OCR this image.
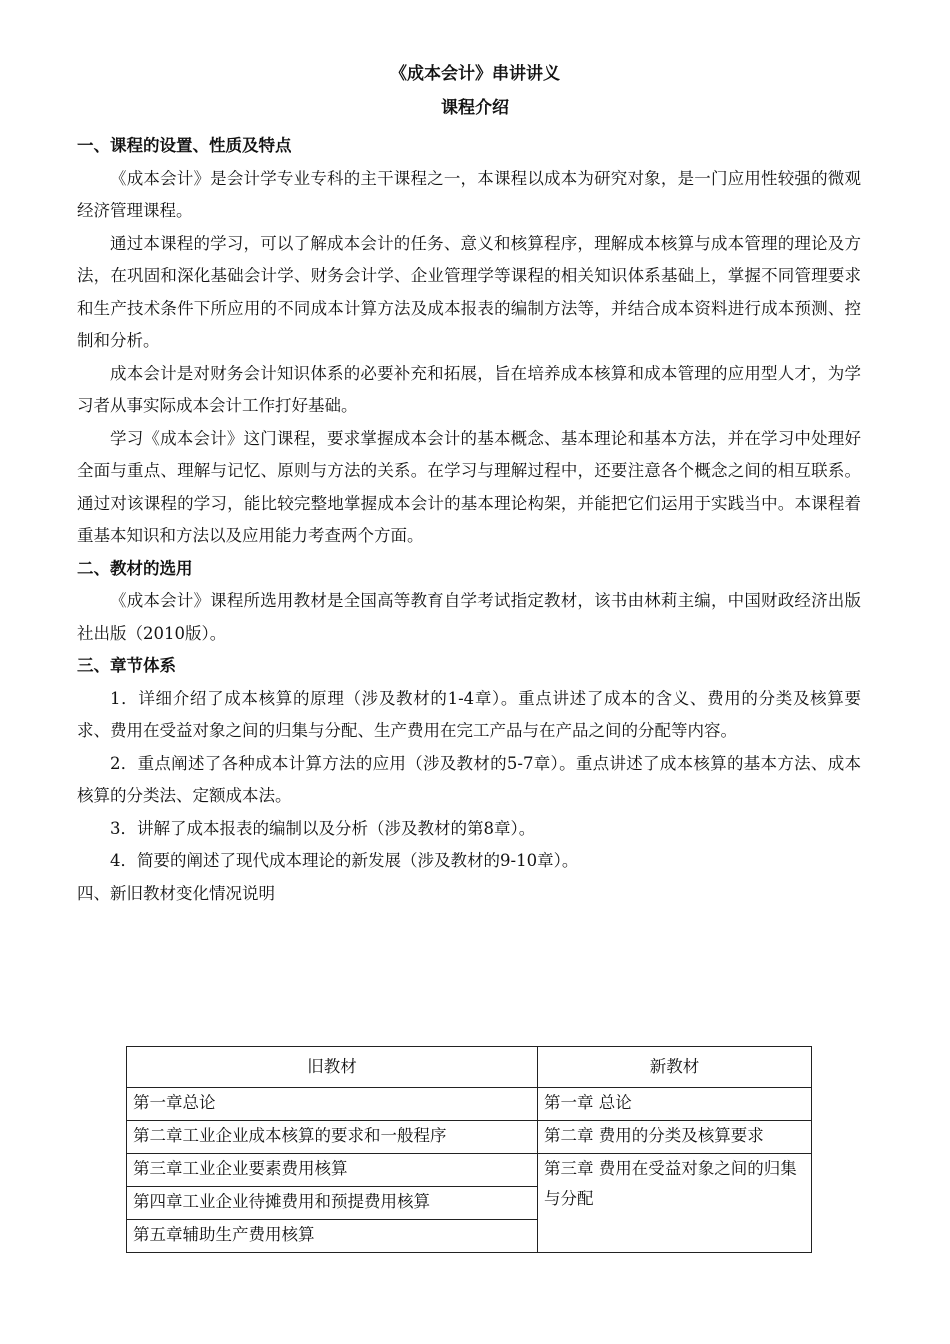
《成本会计》串讲讲义
课程介绍

一、课程的设置、性质及特点

《成本会计》是会计学专业专科的主干课程之一，本课程以成本为研究对象，是一门应用性较强的微观经济管理课程。

通过本课程的学习，可以了解成本会计的任务、意义和核算程序，理解成本核算与成本管理的理论及方法，在巩固和深化基础会计学、财务会计学、企业管理学等课程的相关知识体系基础上，掌握不同管理要求和生产技术条件下所应用的不同成本计算方法及成本报表的编制方法等，并结合成本资料进行成本预测、控制和分析。

成本会计是对财务会计知识体系的必要补充和拓展，旨在培养成本核算和成本管理的应用型人才，为学习者从事实际成本会计工作打好基础。

学习《成本会计》这门课程，要求掌握成本会计的基本概念、基本理论和基本方法，并在学习中处理好全面与重点、理解与记忆、原则与方法的关系。在学习与理解过程中，还要注意各个概念之间的相互联系。通过对该课程的学习，能比较完整地掌握成本会计的基本理论构架，并能把它们运用于实践当中。本课程着重基本知识和方法以及应用能力考查两个方面。

二、教材的选用

《成本会计》课程所选用教材是全国高等教育自学考试指定教材，该书由林莉主编，中国财政经济出版社出版（2010版）。

三、章节体系

1．详细介绍了成本核算的原理（涉及教材的1-4章）。重点讲述了成本的含义、费用的分类及核算要求、费用在受益对象之间的归集与分配、生产费用在完工产品与在产品之间的分配等内容。

2．重点阐述了各种成本计算方法的应用（涉及教材的5-7章）。重点讲述了成本核算的基本方法、成本核算的分类法、定额成本法。

3．讲解了成本报表的编制以及分析（涉及教材的第8章）。

4．简要的阐述了现代成本理论的新发展（涉及教材的9-10章）。

四、新旧教材变化情况说明

旧教材	新教材
第一章总论	第一章 总论
第二章工业企业成本核算的要求和一般程序	第二章 费用的分类及核算要求
第三章工业企业要素费用核算	第三章 费用在受益对象之间的归集与分配
第四章工业企业待摊费用和预提费用核算	
第五章辅助生产费用核算	
